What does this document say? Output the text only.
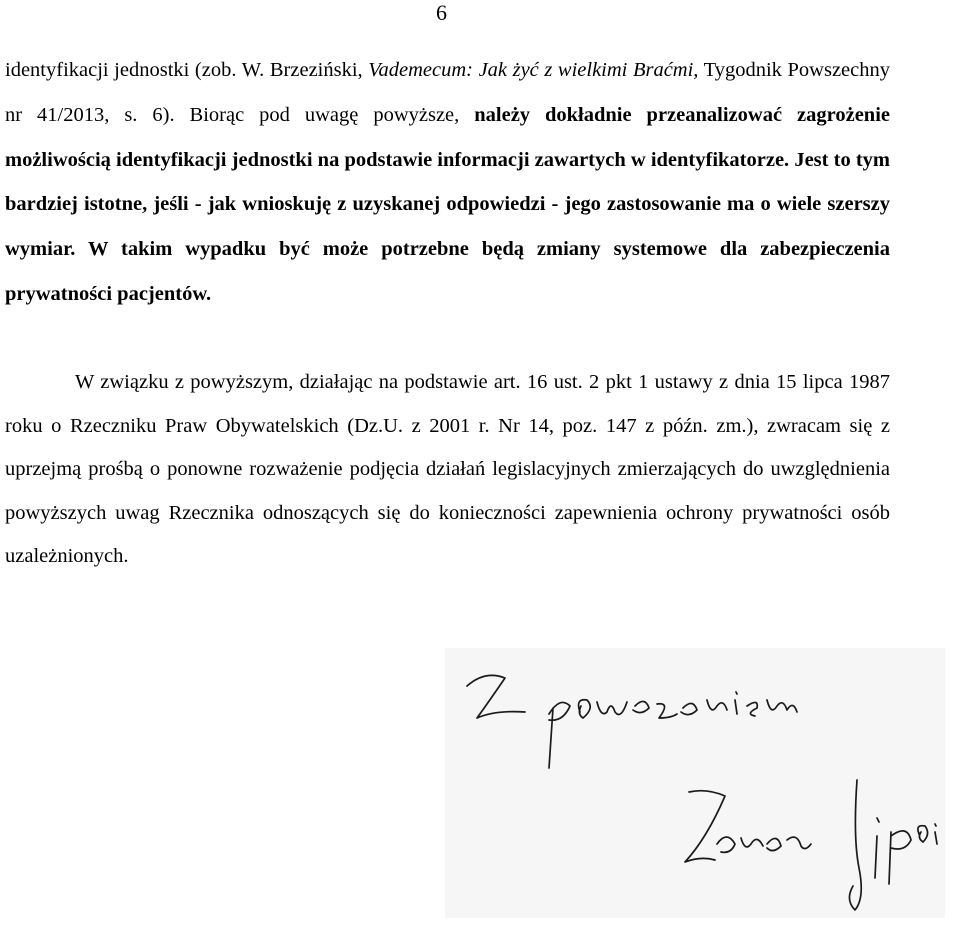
6
identyfikacji jednostki (zob. W. Brzeziński, Vademecum: Jak żyć z wielkimi Braćmi, Tygodnik Powszechny nr 41/2013, s. 6). Biorąc pod uwagę powyższe, należy dokładnie przeanalizować zagrożenie możliwością identyfikacji jednostki na podstawie informacji zawartych w identyfikatorze. Jest to tym bardziej istotne, jeśli - jak wnioskuję z uzyskanej odpowiedzi - jego zastosowanie ma o wiele szerszy wymiar. W takim wypadku być może potrzebne będą zmiany systemowe dla zabezpieczenia prywatności pacjentów.
W związku z powyższym, działając na podstawie art. 16 ust. 2 pkt 1 ustawy z dnia 15 lipca 1987 roku o Rzeczniku Praw Obywatelskich (Dz.U. z 2001 r. Nr 14, poz. 147 z późn. zm.), zwracam się z uprzejmą prośbą o ponowne rozważenie podjęcia działań legislacyjnych zmierzających do uwzględnienia powyższych uwag Rzecznika odnoszących się do konieczności zapewnienia ochrony prywatności osób uzależnionych.
